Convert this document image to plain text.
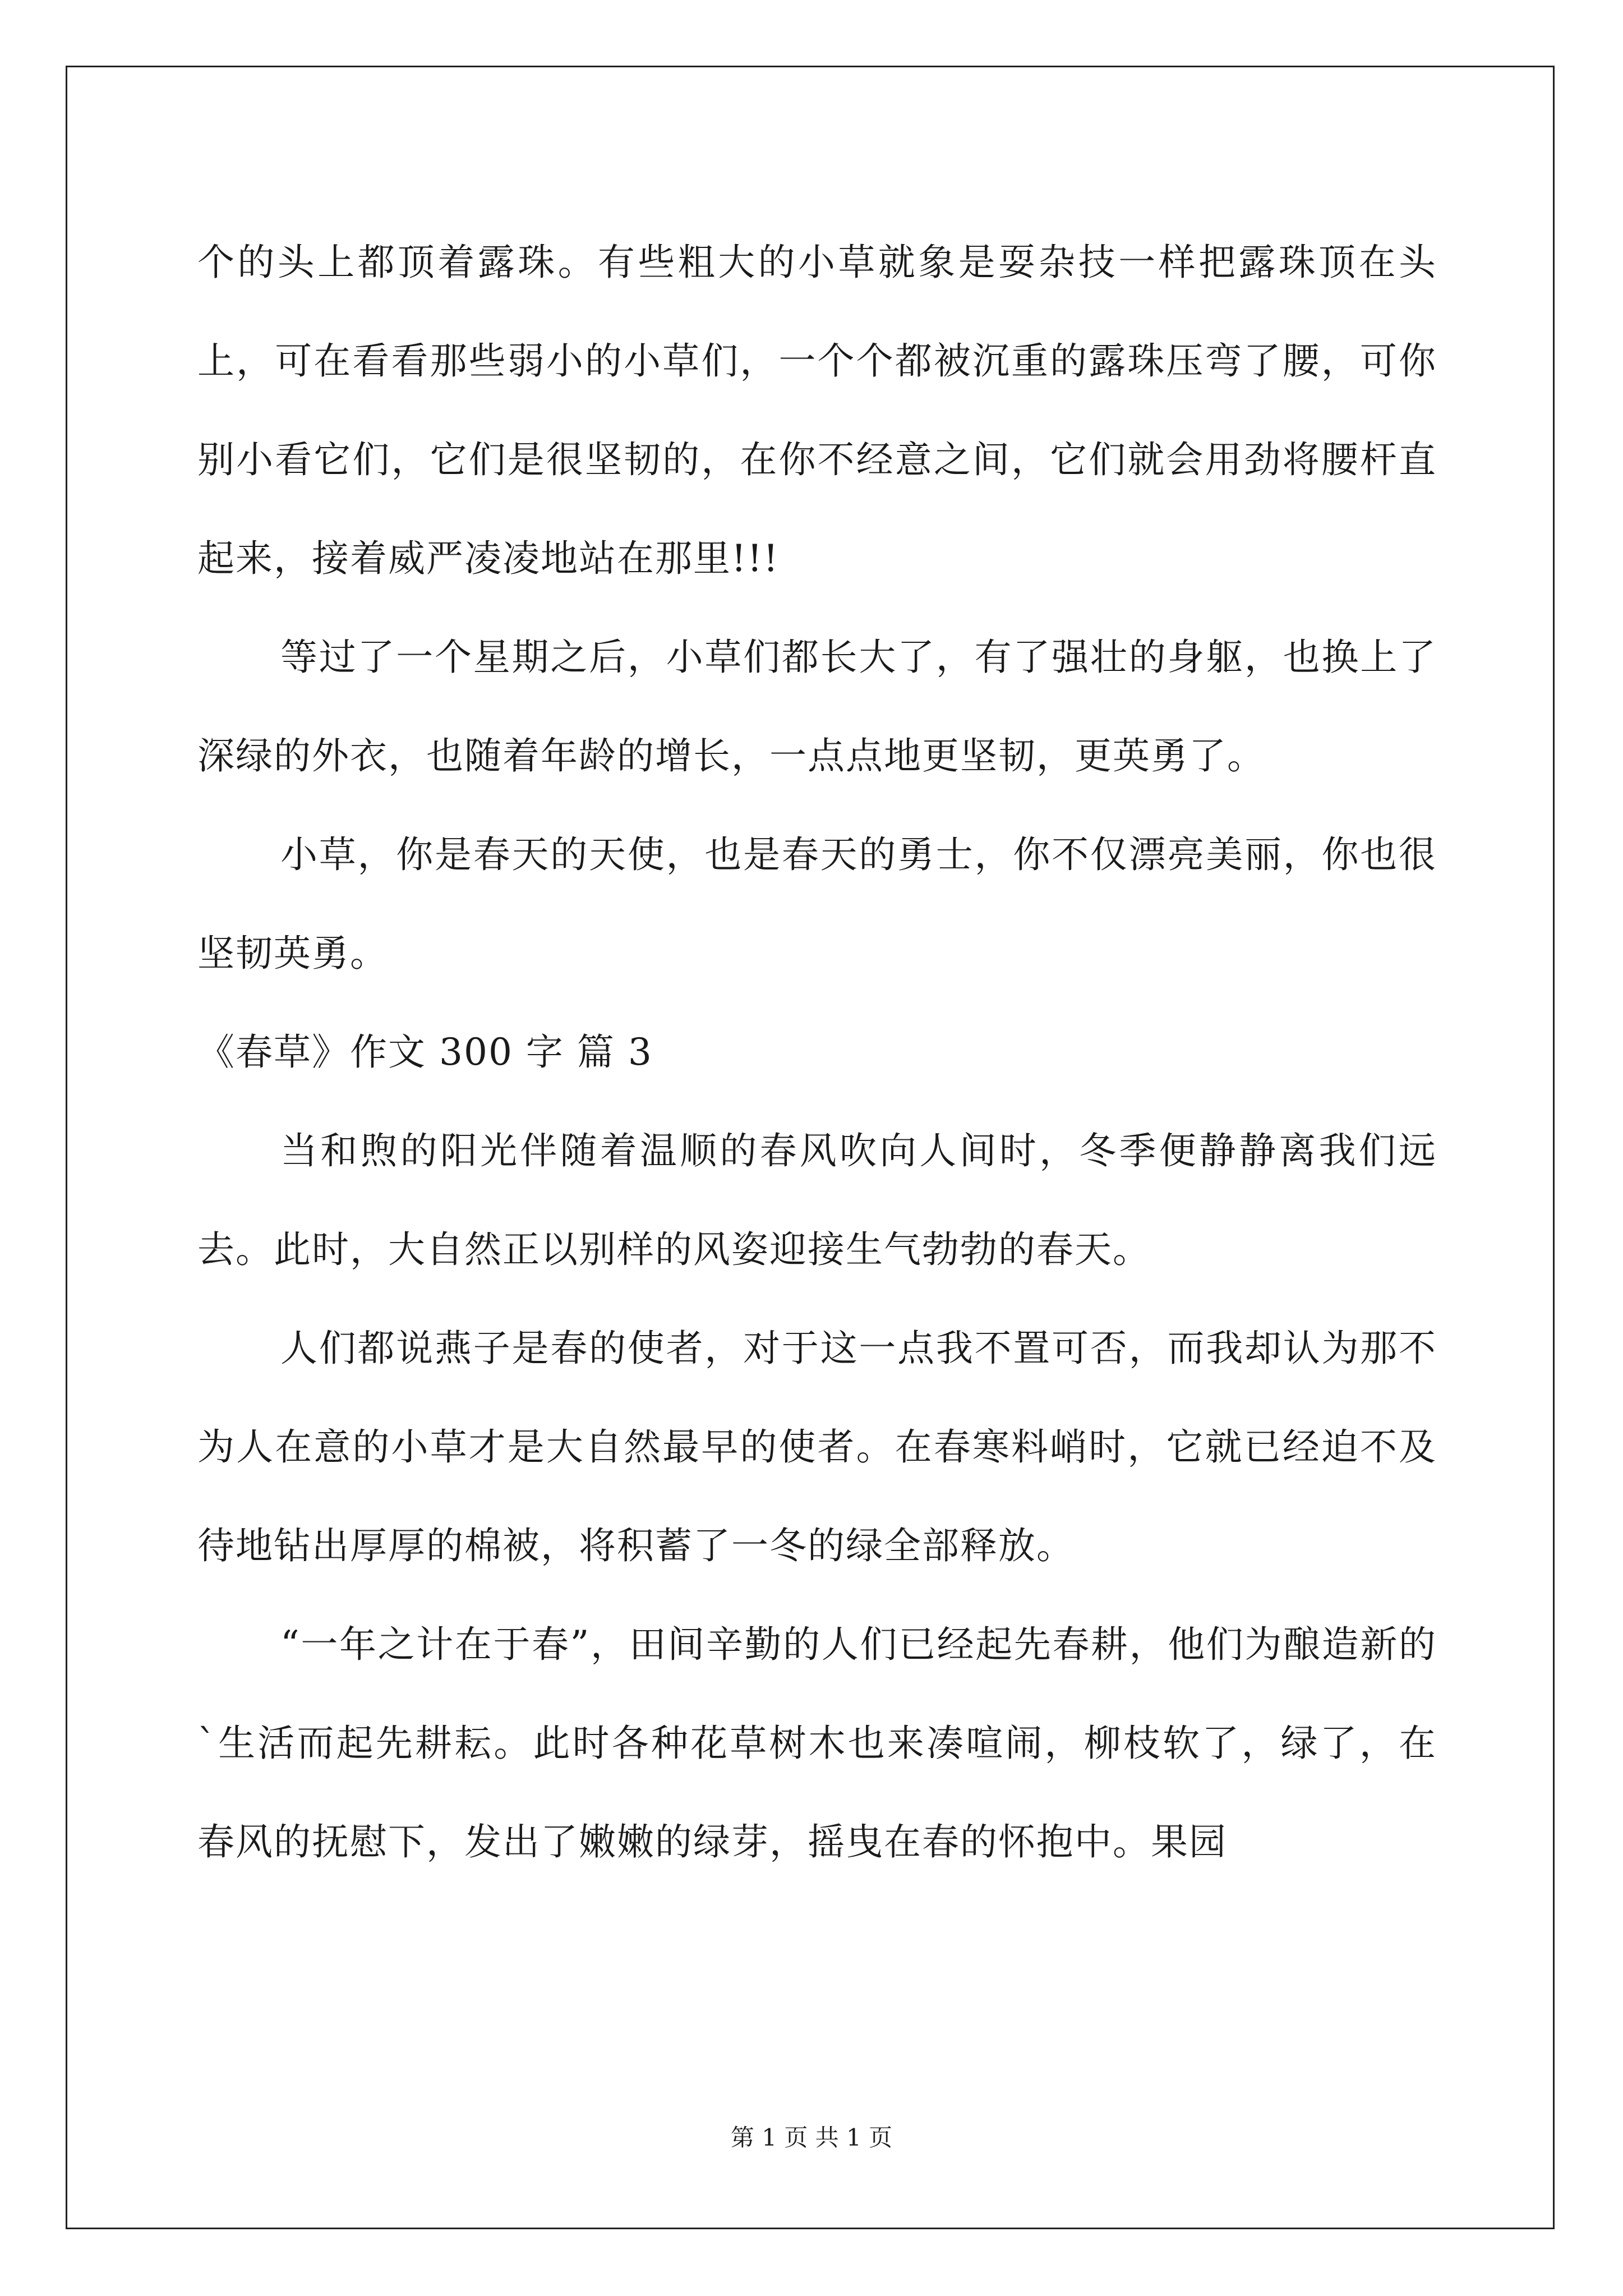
个的头上都顶着露珠。有些粗大的小草就象是耍杂技一样把露珠顶在头上，可在看看那些弱小的小草们，一个个都被沉重的露珠压弯了腰，可你别小看它们，它们是很坚韧的，在你不经意之间，它们就会用劲将腰杆直起来，接着威严凌凌地站在那里!!!

等过了一个星期之后，小草们都长大了，有了强壮的身躯，也换上了深绿的外衣，也随着年龄的增长，一点点地更坚韧，更英勇了。

小草，你是春天的天使，也是春天的勇士，你不仅漂亮美丽，你也很坚韧英勇。

《春草》作文 300 字 篇 3

当和煦的阳光伴随着温顺的春风吹向人间时，冬季便静静离我们远去。此时，大自然正以别样的风姿迎接生气勃勃的春天。

人们都说燕子是春的使者，对于这一点我不置可否，而我却认为那不为人在意的小草才是大自然最早的使者。在春寒料峭时，它就已经迫不及待地钻出厚厚的棉被，将积蓄了一冬的绿全部释放。

“一年之计在于春”，田间辛勤的人们已经起先春耕，他们为酿造新的`生活而起先耕耘。此时各种花草树木也来凑喧闹，柳枝软了，绿了，在春风的抚慰下，发出了嫩嫩的绿芽，摇曳在春的怀抱中。果园

第 1 页 共 1 页
